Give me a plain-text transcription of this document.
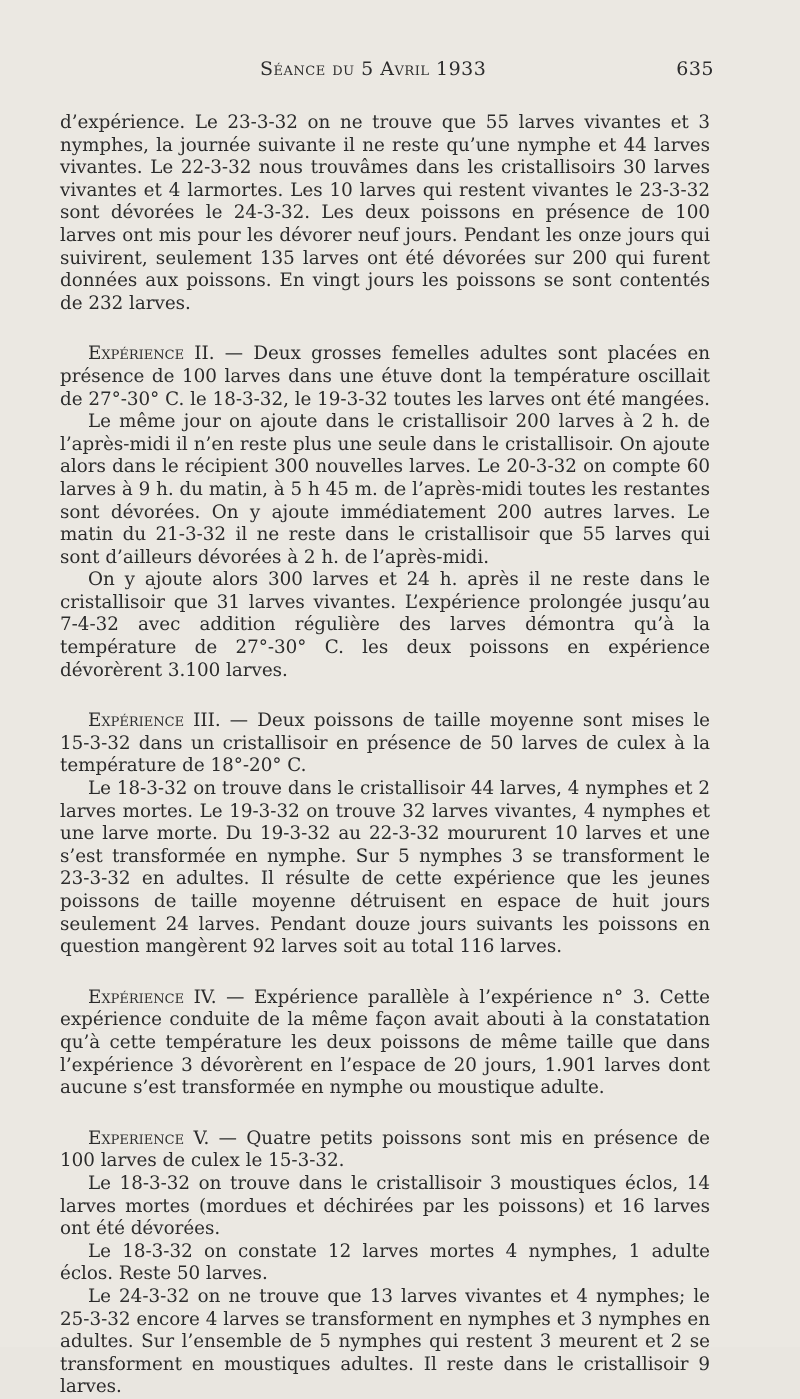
Séance du 5 Avril 1933	635

d’expérience. Le 23-3-32 on ne trouve que 55 larves vivantes et 3 nymphes, la journée suivante il ne reste qu’une nymphe et 44 larves vivantes. Le 22-3-32 nous trouvâmes dans les cristallisoirs 30 larves vivantes et 4 larmortes. Les 10 larves qui restent vivantes le 23-3-32 sont dévorées le 24-3-32. Les deux poissons en présence de 100 larves ont mis pour les dévorer neuf jours. Pendant les onze jours qui suivirent, seulement 135 larves ont été dévorées sur 200 qui furent données aux poissons. En vingt jours les poissons se sont contentés de 232 larves.

Expérience II. — Deux grosses femelles adultes sont placées en présence de 100 larves dans une étuve dont la température oscillait de 27°-30° C. le 18-3-32, le 19-3-32 toutes les larves ont été mangées.

Le même jour on ajoute dans le cristallisoir 200 larves à 2 h. de l’après-midi il n’en reste plus une seule dans le cristallisoir. On ajoute alors dans le récipient 300 nouvelles larves. Le 20-3-32 on compte 60 larves à 9 h. du matin, à 5 h 45 m. de l’après-midi toutes les restantes sont dévorées. On y ajoute immédiatement 200 autres larves. Le matin du 21-3-32 il ne reste dans le cristallisoir que 55 larves qui sont d’ailleurs dévorées à 2 h. de l’après-midi.

On y ajoute alors 300 larves et 24 h. après il ne reste dans le cristallisoir que 31 larves vivantes. L’expérience prolongée jusqu’au 7-4-32 avec addition régulière des larves démontra qu’à la température de 27°-30° C. les deux poissons en expérience dévorèrent 3.100 larves.

Expérience III. — Deux poissons de taille moyenne sont mises le 15-3-32 dans un cristallisoir en présence de 50 larves de culex à la température de 18°-20° C.

Le 18-3-32 on trouve dans le cristallisoir 44 larves, 4 nymphes et 2 larves mortes. Le 19-3-32 on trouve 32 larves vivantes, 4 nymphes et une larve morte. Du 19-3-32 au 22-3-32 moururent 10 larves et une s’est transformée en nymphe. Sur 5 nymphes 3 se transforment le 23-3-32 en adultes. Il résulte de cette expérience que les jeunes poissons de taille moyenne détruisent en espace de huit jours seulement 24 larves. Pendant douze jours suivants les poissons en question mangèrent 92 larves soit au total 116 larves.

Expérience IV. — Expérience parallèle à l’expérience n° 3. Cette expérience conduite de la même façon avait abouti à la constatation qu’à cette température les deux poissons de même taille que dans l’expérience 3 dévorèrent en l’espace de 20 jours, 1.901 larves dont aucune s’est transformée en nymphe ou moustique adulte.

Experience V. — Quatre petits poissons sont mis en présence de 100 larves de culex le 15-3-32.

Le 18-3-32 on trouve dans le cristallisoir 3 moustiques éclos, 14 larves mortes (mordues et déchirées par les poissons) et 16 larves ont été dévorées.

Le 18-3-32 on constate 12 larves mortes 4 nymphes, 1 adulte éclos. Reste 50 larves.

Le 24-3-32 on ne trouve que 13 larves vivantes et 4 nymphes; le 25-3-32 encore 4 larves se transforment en nymphes et 3 nymphes en adultes. Sur l’ensemble de 5 nymphes qui restent 3 meurent et 2 se transforment en moustiques adultes. Il reste dans le cristallisoir 9 larves.
